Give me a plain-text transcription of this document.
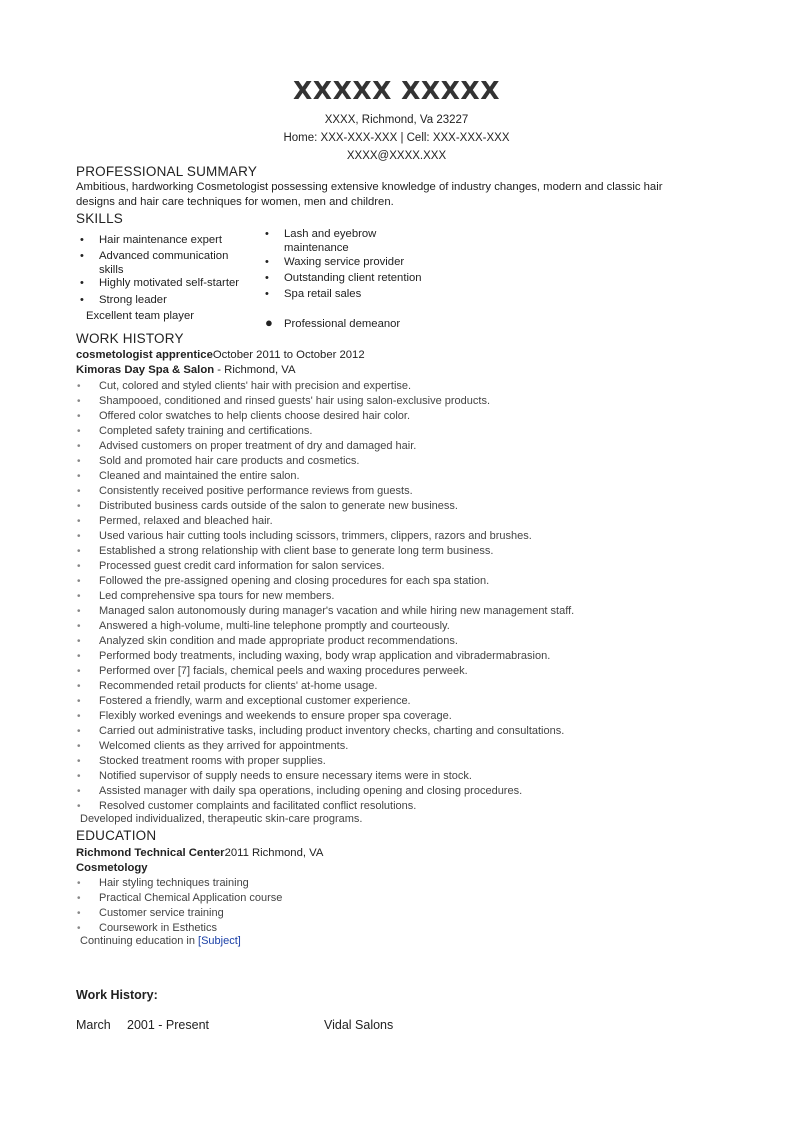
XXXXX XXXXX
XXXX, Richmond, Va 23227
Home: XXX-XXX-XXX | Cell: XXX-XXX-XXX
XXXX@XXXX.XXX
PROFESSIONAL SUMMARY
Ambitious, hardworking Cosmetologist possessing extensive knowledge of industry changes, modern and classic hair
designs and hair care techniques for women, men and children.
SKILLS
• Hair maintenance expert
• Advanced communication skills
• Highly motivated self-starter
• Strong leader
Excellent team player
• Lash and eyebrow maintenance
• Waxing service provider
• Outstanding client retention
• Spa retail sales
● Professional demeanor
WORK HISTORY
cosmetologist apprenticeOctober 2011 to October 2012
Kimoras Day Spa & Salon - Richmond, VA
• Cut, colored and styled clients' hair with precision and expertise.
• Shampooed, conditioned and rinsed guests' hair using salon-exclusive products.
• Offered color swatches to help clients choose desired hair color.
• Completed safety training and certifications.
• Advised customers on proper treatment of dry and damaged hair.
• Sold and promoted hair care products and cosmetics.
• Cleaned and maintained the entire salon.
• Consistently received positive performance reviews from guests.
• Distributed business cards outside of the salon to generate new business.
• Permed, relaxed and bleached hair.
• Used various hair cutting tools including scissors, trimmers, clippers, razors and brushes.
• Established a strong relationship with client base to generate long term business.
• Processed guest credit card information for salon services.
• Followed the pre-assigned opening and closing procedures for each spa station.
• Led comprehensive spa tours for new members.
• Managed salon autonomously during manager's vacation and while hiring new management staff.
• Answered a high-volume, multi-line telephone promptly and courteously.
• Analyzed skin condition and made appropriate product recommendations.
• Performed body treatments, including waxing, body wrap application and vibradermabrasion.
• Performed over [7] facials, chemical peels and waxing procedures perweek.
• Recommended retail products for clients' at-home usage.
• Fostered a friendly, warm and exceptional customer experience.
• Flexibly worked evenings and weekends to ensure proper spa coverage.
• Carried out administrative tasks, including product inventory checks, charting and consultations.
• Welcomed clients as they arrived for appointments.
• Stocked treatment rooms with proper supplies.
• Notified supervisor of supply needs to ensure necessary items were in stock.
• Assisted manager with daily spa operations, including opening and closing procedures.
• Resolved customer complaints and facilitated conflict resolutions.
Developed individualized, therapeutic skin-care programs.
EDUCATION
Richmond Technical Center2011 Richmond, VA
Cosmetology
• Hair styling techniques training
• Practical Chemical Application course
• Customer service training
• Coursework in Esthetics
Continuing education in [Subject]
Work History:
March 2001 - Present	Vidal Salons
